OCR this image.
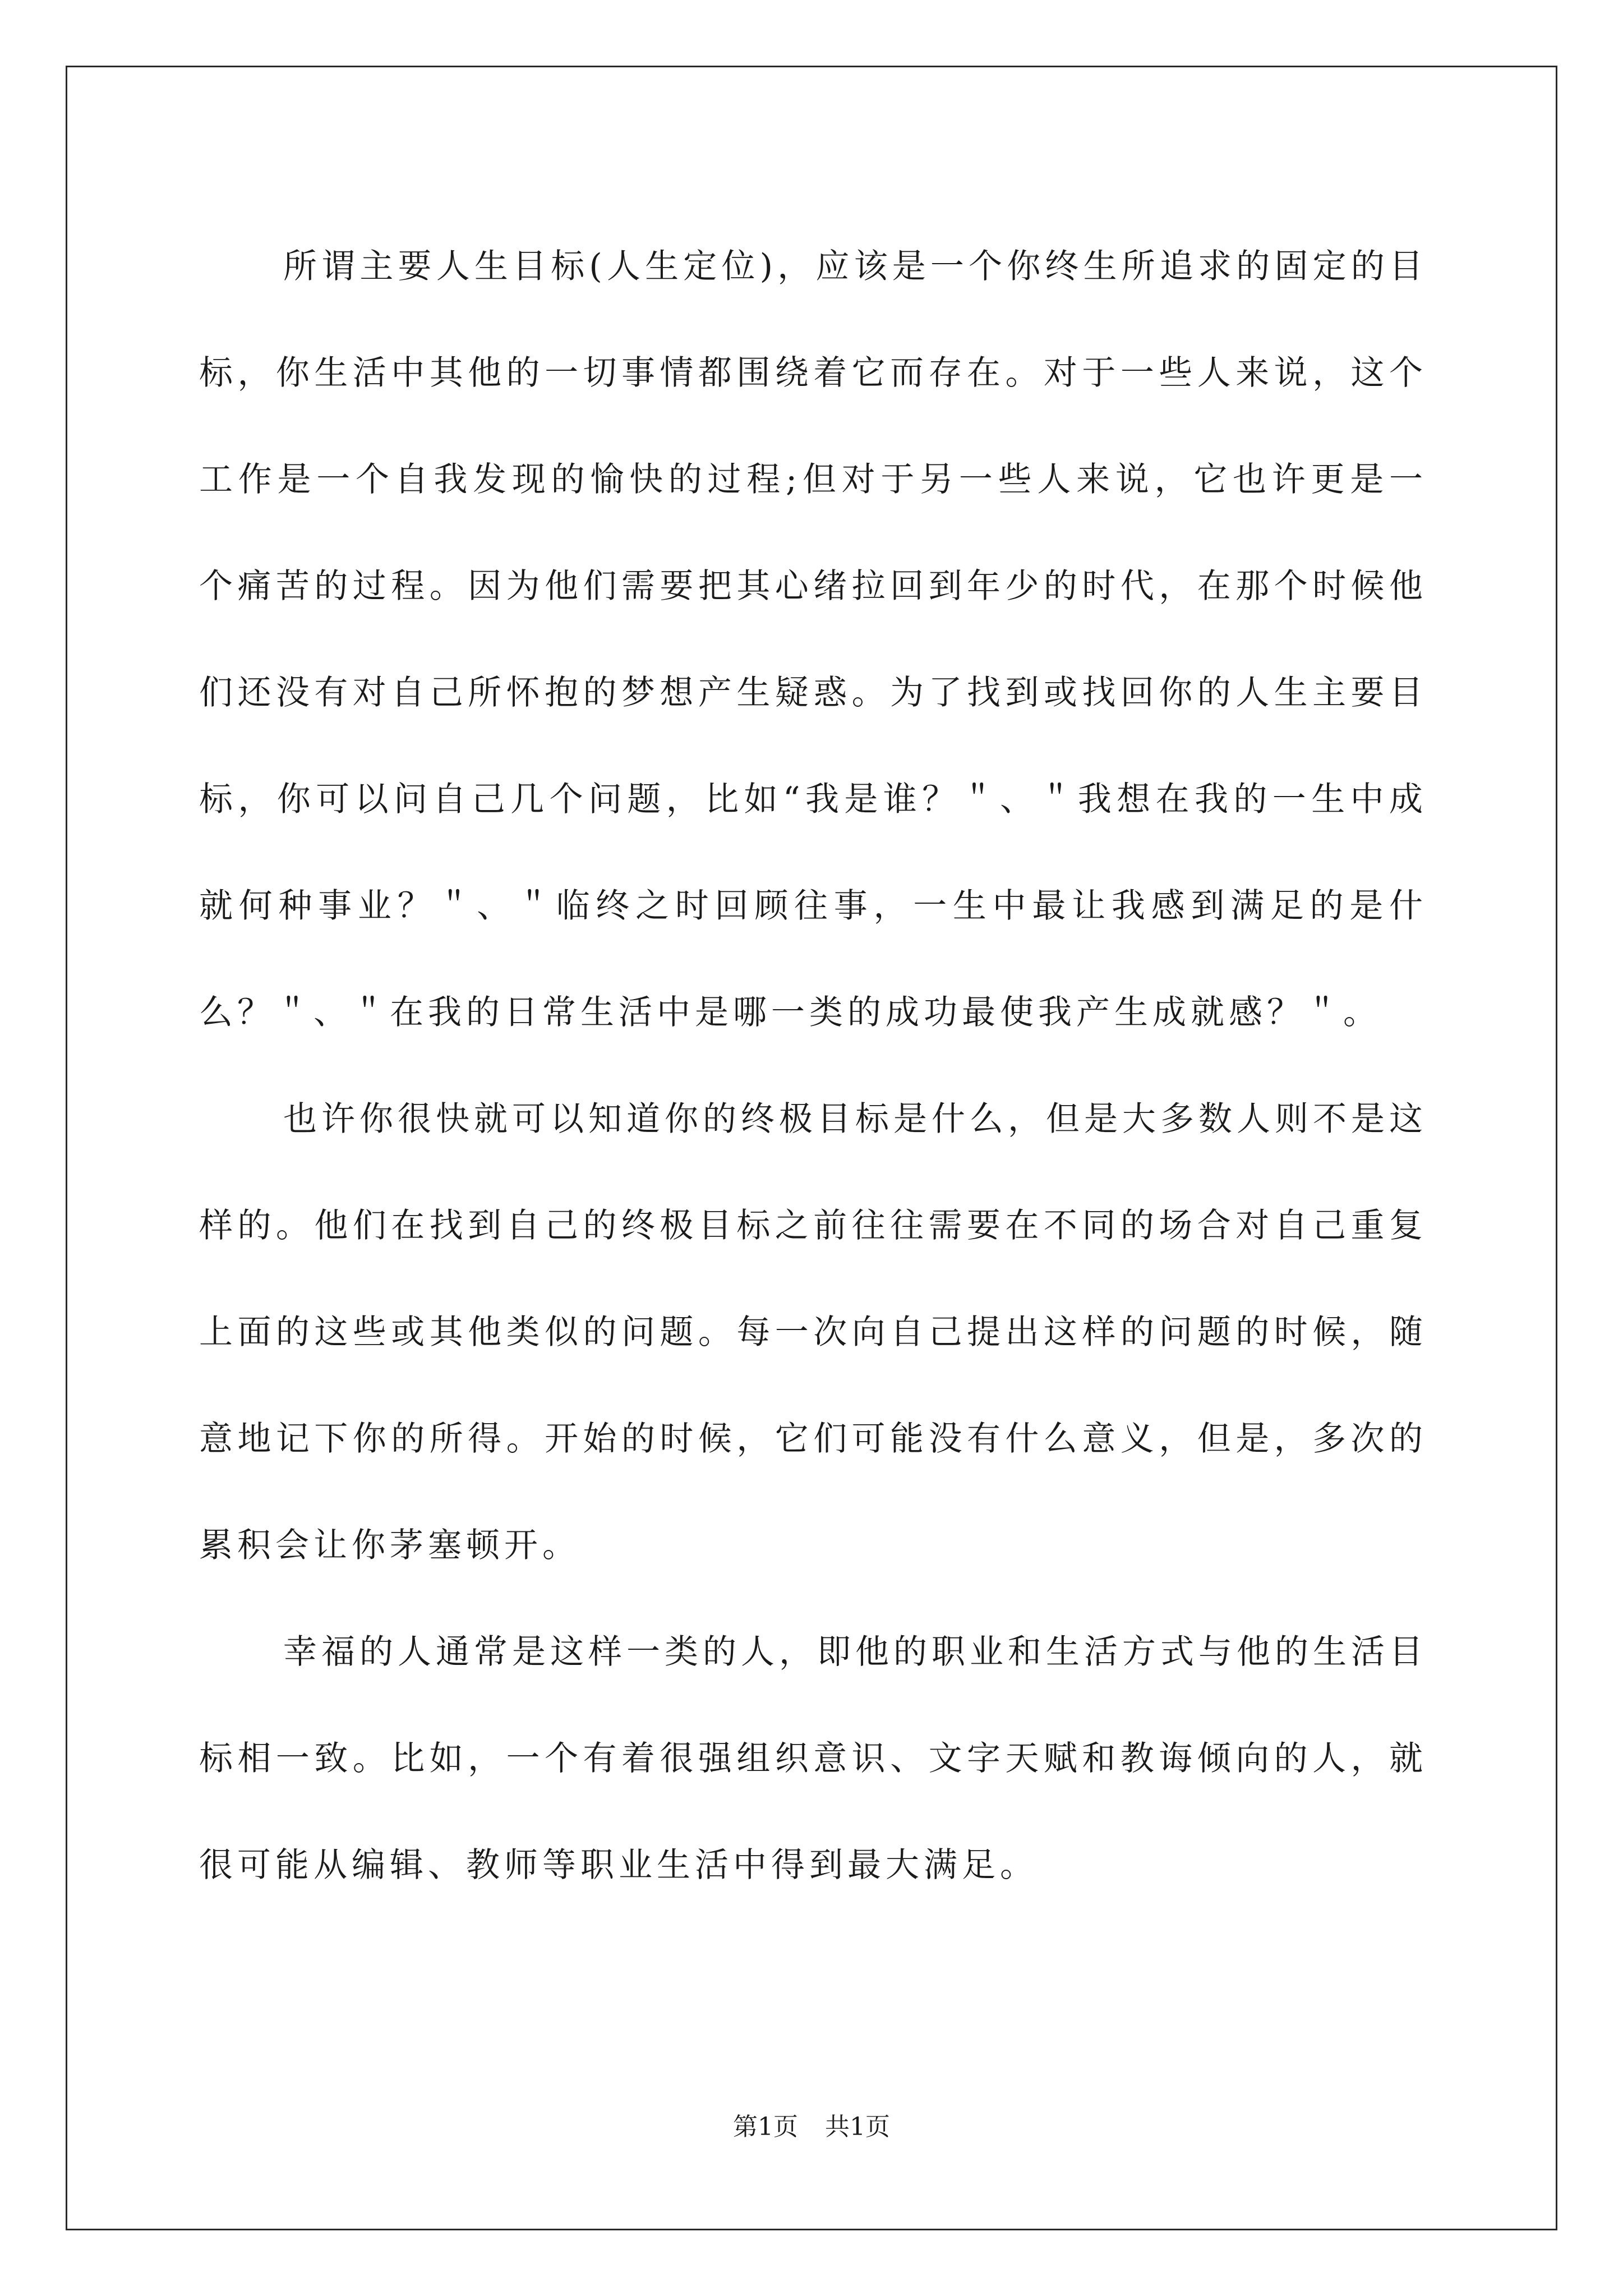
所谓主要人生目标(人生定位)，应该是一个你终生所追求的固定的目标，你生活中其他的一切事情都围绕着它而存在。对于一些人来说，这个工作是一个自我发现的愉快的过程;但对于另一些人来说，它也许更是一个痛苦的过程。因为他们需要把其心绪拉回到年少的时代，在那个时候他们还没有对自己所怀抱的梦想产生疑惑。为了找到或找回你的人生主要目标，你可以问自己几个问题，比如“我是谁？＂、＂我想在我的一生中成就何种事业？＂、＂临终之时回顾往事，一生中最让我感到满足的是什么？＂、＂在我的日常生活中是哪一类的成功最使我产生成就感？＂。

也许你很快就可以知道你的终极目标是什么，但是大多数人则不是这样的。他们在找到自己的终极目标之前往往需要在不同的场合对自己重复上面的这些或其他类似的问题。每一次向自己提出这样的问题的时候，随意地记下你的所得。开始的时候，它们可能没有什么意义，但是，多次的累积会让你茅塞顿开。

幸福的人通常是这样一类的人，即他的职业和生活方式与他的生活目标相一致。比如，一个有着很强组织意识、文字天赋和教诲倾向的人，就很可能从编辑、教师等职业生活中得到最大满足。

第1页 共1页
